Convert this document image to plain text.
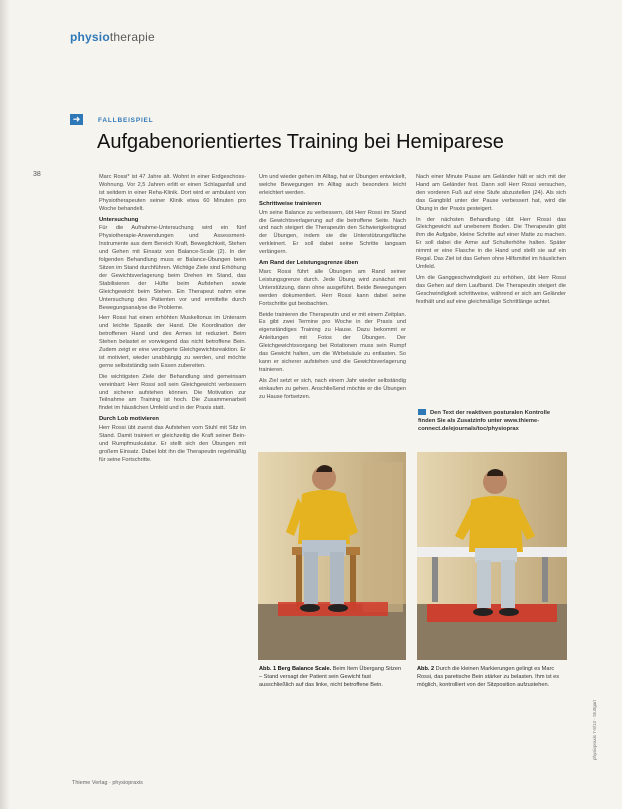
physiotherapie
38
➜	FALLBEISPIEL
Aufgabenorientiertes Training bei Hemiparese

Marc Rossi* ist 47 Jahre alt. Wohnt in einer Erdgeschoss-Wohnung. Vor 2,5 Jahren erlitt er einen Schlaganfall und ist seitdem in einer Reha-Klinik. Dort wird er ambulant von Physiotherapeuten seiner Klinik etwa 60 Minuten pro Woche behandelt.

Untersuchung

Für die Aufnahme-Untersuchung wird ein fünf Physiotherapie-Anwendungen und Assessment-Instrumente aus dem Bereich Kraft, Beweglichkeit, Stehen und Gehen mit Einsatz von Balance-Scale (2). In der folgenden Behandlung muss er Balance-Übungen beim Sitzen im Stand durchführen. Wichtige Ziele sind Erhöhung der Gewichtsverlagerung beim Drehen im Stand, das Stabilisieren der Hüfte beim Aufstehen sowie Gleichgewicht beim Stehen. Ein Therapeut nahm eine Untersuchung des Patienten vor und ermittelte durch Bewegungsanalyse die Probleme.

Herr Rossi hat einen erhöhten Muskeltonus im Unterarm und leichte Spastik der Hand. Die Koordination der betroffenen Hand und des Armes ist reduziert. Beim Stehen belastet er vorwiegend das nicht betroffene Bein. Zudem zeigt er eine verzögerte Gleichgewichtsreaktion. Er ist motiviert, wieder unabhängig zu werden, und möchte gerne selbstständig sein Essen zubereiten.

Die wichtigsten Ziele der Behandlung sind gemeinsam vereinbart: Herr Rossi soll sein Gleichgewicht verbessern und sicherer aufstehen können. Die Motivation zur Teilnahme am Training ist hoch. Die Zusammenarbeit findet im häuslichen Umfeld und in der Praxis statt.

Durch Lob motivieren

Herr Rossi übt zuerst das Aufstehen vom Stuhl mit Sitz im Stand. Damit trainiert er gleichzeitig die Kraft seiner Bein- und Rumpfmuskulatur. Er stellt sich den Übungen mit großem Einsatz. Dabei lobt ihn die Therapeutin regelmäßig für seine Fortschritte.

Um und wieder gehen im Alltag, hat er Übungen entwickelt, welche Bewegungen im Alltag auch besonders leicht erleichtert werden.

Schrittweise trainieren

Um seine Balance zu verbessern, übt Herr Rossi im Stand die Gewichtsverlagerung auf die betroffene Seite. Nach und nach steigert die Therapeutin den Schwierigkeitsgrad der Übungen, indem sie die Unterstützungsfläche verkleinert. Er soll dabei seine Schritte langsam verlängern.

Am Rand der Leistungsgrenze üben

Marc Rossi führt alle Übungen am Rand seiner Leistungsgrenze durch. Jede Übung wird zunächst mit Unterstützung, dann ohne ausgeführt. Beide Bewegungen werden dokumentiert. Herr Rossi kann dabei seine Fortschritte gut beobachten.

Beide trainieren die Therapeutin und er mit einem Zeitplan. Es gibt zwei Termine pro Woche in der Praxis und eigenständiges Training zu Hause. Dazu bekommt er Anleitungen mit Fotos der Übungen. Der Gleichgewichtsvorgang bei Rotationen muss sein Rumpf das Gewicht halten, um die Wirbelsäule zu entlasten. So kann er sicherer aufstehen und die Gewichtsverlagerung trainieren.

Als Ziel setzt er sich, nach einem Jahr wieder selbständig einkaufen zu gehen. Anschließend möchte er die Übungen zu Hause fortsetzen.

Nach einer Minute Pause am Geländer hält er sich mit der Hand am Geländer fest. Dann soll Herr Rossi versuchen, den vorderen Fuß auf eine Stufe abzustellen (24). Als sich das Gangbild unter der Pause verbessert hat, wird die Übung in der Praxis gesteigert.

In der nächsten Behandlung übt Herr Rossi das Gleichgewicht auf unebenem Boden. Die Therapeutin gibt ihm die Aufgabe, kleine Schritte auf einer Matte zu machen. Er soll dabei die Arme auf Schulterhöhe halten. Später nimmt er eine Flasche in die Hand und stellt sie auf ein Regal. Das Ziel ist das Gehen ohne Hilfsmittel im häuslichen Umfeld.

Um die Ganggeschwindigkeit zu erhöhen, übt Herr Rossi das Gehen auf dem Laufband. Die Therapeutin steigert die Geschwindigkeit schrittweise, während er sich am Geländer festhält und auf eine gleichmäßige Schrittlänge achtet.

Den Text der reaktiven posturalen Kontrolle finden Sie als Zusatzinfo unter www.thieme-connect.de/ejournals/toc/physioprax
Abb. 1 Berg Balance Scale. Beim Item Übergang Sitzen – Stand versagt der Patient sein Gewicht fast ausschließlich auf das linke, nicht betroffene Bein.
Abb. 2 Durch die kleinen Markierungen gelingt es Marc Rossi, das paretische Bein stärker zu belasten. Ihm ist es möglich, kontrolliert von der Sitzposition aufzustehen.
physiopraxis 7-8/13 · Stuttgart
Thieme Verlag · physiopraxis
